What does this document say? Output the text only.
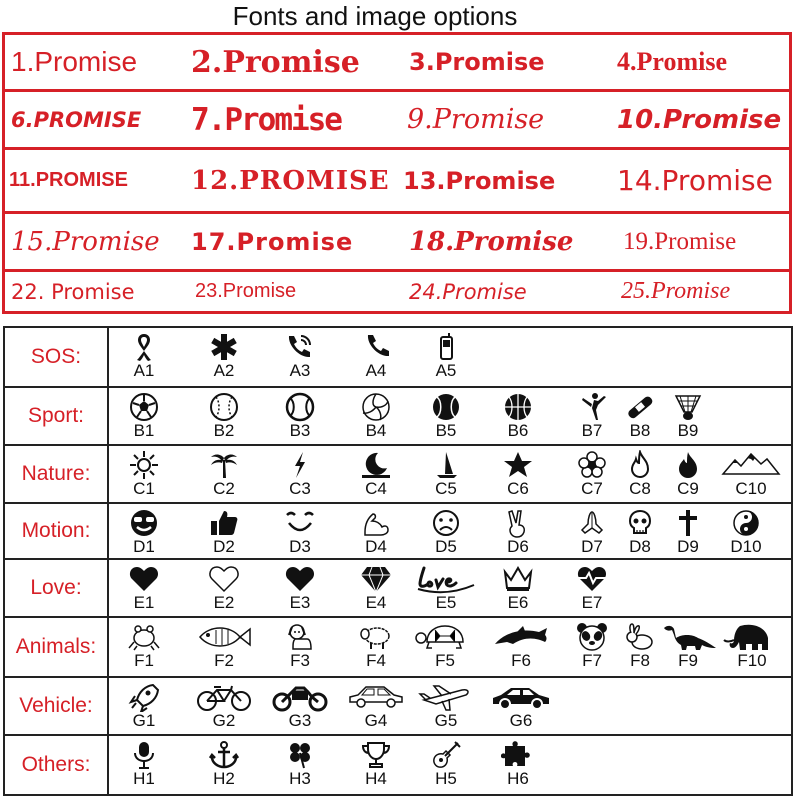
Fonts and image options
1.Promise 2.Promise 3.Promise	4.Promise
6.PROMISE 7.Promise 9.Promise	10.Promise
11.PROMISE 12.PROMISE 13.Promise 14.Promise
15.Promise 17.Promise 18.Promise 19.Promise
22. Promise	23.Promise	24.Promise	25.Promise
SOS:
A1	A2	A3	A4	A5
Sport:
B1	B2	B3	B4	B5	B6	B7	B8	B9
Nature:
C1	C2	C3	C4	C5	C6	C7	C8	C9	C10
Motion:
D1	D2	D3	D4	D5	D6	D7	D8	D9	D10
Love:
E1	E2	E3	E4	E5	E6	E7
Animals:
F1	F2	F3	F4	F5	F6	F7	F8	F9	F10
Vehicle:
G1	G2	G3	G4	G5	G6
Others:
H1	H2	H3	H4	H5	H6
